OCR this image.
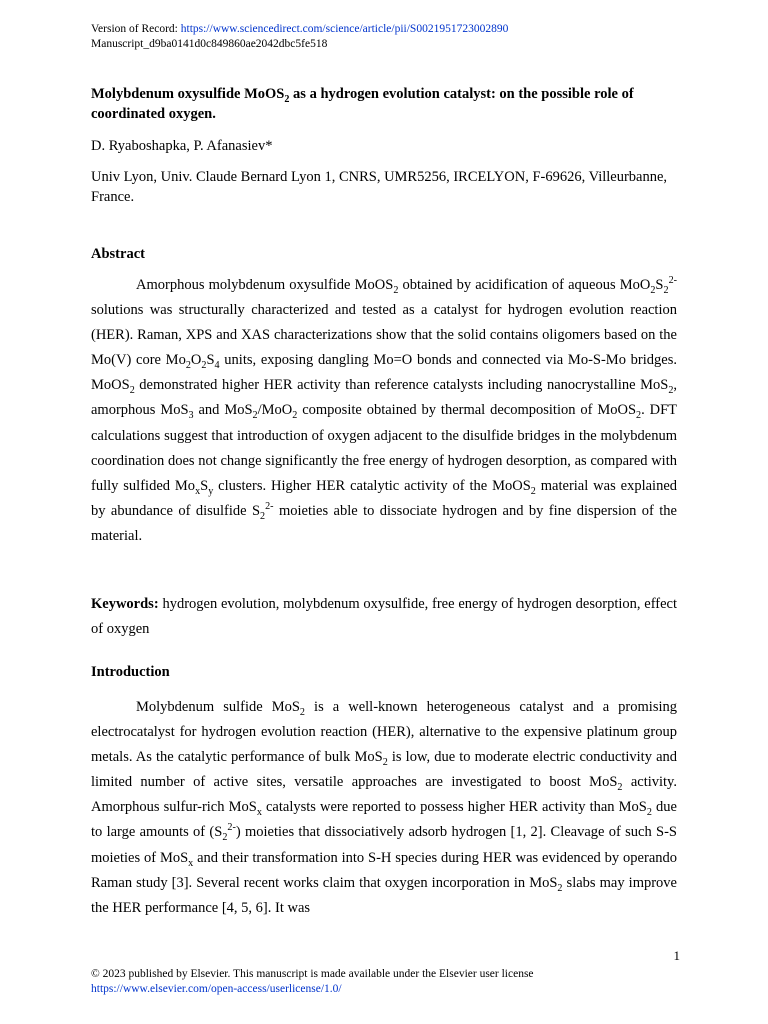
Version of Record: https://www.sciencedirect.com/science/article/pii/S0021951723002890
Manuscript_d9ba0141d0c849860ae2042dbc5fe518
Molybdenum oxysulfide MoOS$_2$ as a hydrogen evolution catalyst: on the possible role of coordinated oxygen.
D. Ryaboshapka, P. Afanasiev*
Univ Lyon, Univ. Claude Bernard Lyon 1, CNRS, UMR5256, IRCELYON, F-69626, Villeurbanne, France.
Abstract
Amorphous molybdenum oxysulfide MoOS$_2$ obtained by acidification of aqueous $MoO_2S_2^{2-}$ solutions was structurally characterized and tested as a catalyst for hydrogen evolution reaction (HER). Raman, XPS and XAS characterizations show that the solid contains oligomers based on the Mo(V) core $Mo_2O_2S_4$ units, exposing dangling Mo=O bonds and connected via Mo-S-Mo bridges. MoOS$_2$ demonstrated higher HER activity than reference catalysts including nanocrystalline MoS$_2$, amorphous MoS$_3$ and MoS$_2$/MoO$_2$ composite obtained by thermal decomposition of MoOS$_2$. DFT calculations suggest that introduction of oxygen adjacent to the disulfide bridges in the molybdenum coordination does not change significantly the free energy of hydrogen desorption, as compared with fully sulfided $Mo_xS_y$ clusters. Higher HER catalytic activity of the MoOS$_2$ material was explained by abundance of disulfide $S_2^{2-}$ moieties able to dissociate hydrogen and by fine dispersion of the material.
Keywords: hydrogen evolution, molybdenum oxysulfide, free energy of hydrogen desorption, effect of oxygen
Introduction
Molybdenum sulfide MoS$_2$ is a well-known heterogeneous catalyst and a promising electrocatalyst for hydrogen evolution reaction (HER), alternative to the expensive platinum group metals. As the catalytic performance of bulk MoS$_2$ is low, due to moderate electric conductivity and limited number of active sites, versatile approaches are investigated to boost MoS$_2$ activity. Amorphous sulfur-rich MoS$_x$ catalysts were reported to possess higher HER activity than MoS$_2$ due to large amounts of $(S_2^{2-})$ moieties that dissociatively adsorb hydrogen [1, 2]. Cleavage of such S-S moieties of MoS$_x$ and their transformation into S-H species during HER was evidenced by operando Raman study [3]. Several recent works claim that oxygen incorporation in MoS$_2$ slabs may improve the HER performance [4, 5, 6]. It was
1
© 2023 published by Elsevier. This manuscript is made available under the Elsevier user license
https://www.elsevier.com/open-access/userlicense/1.0/
